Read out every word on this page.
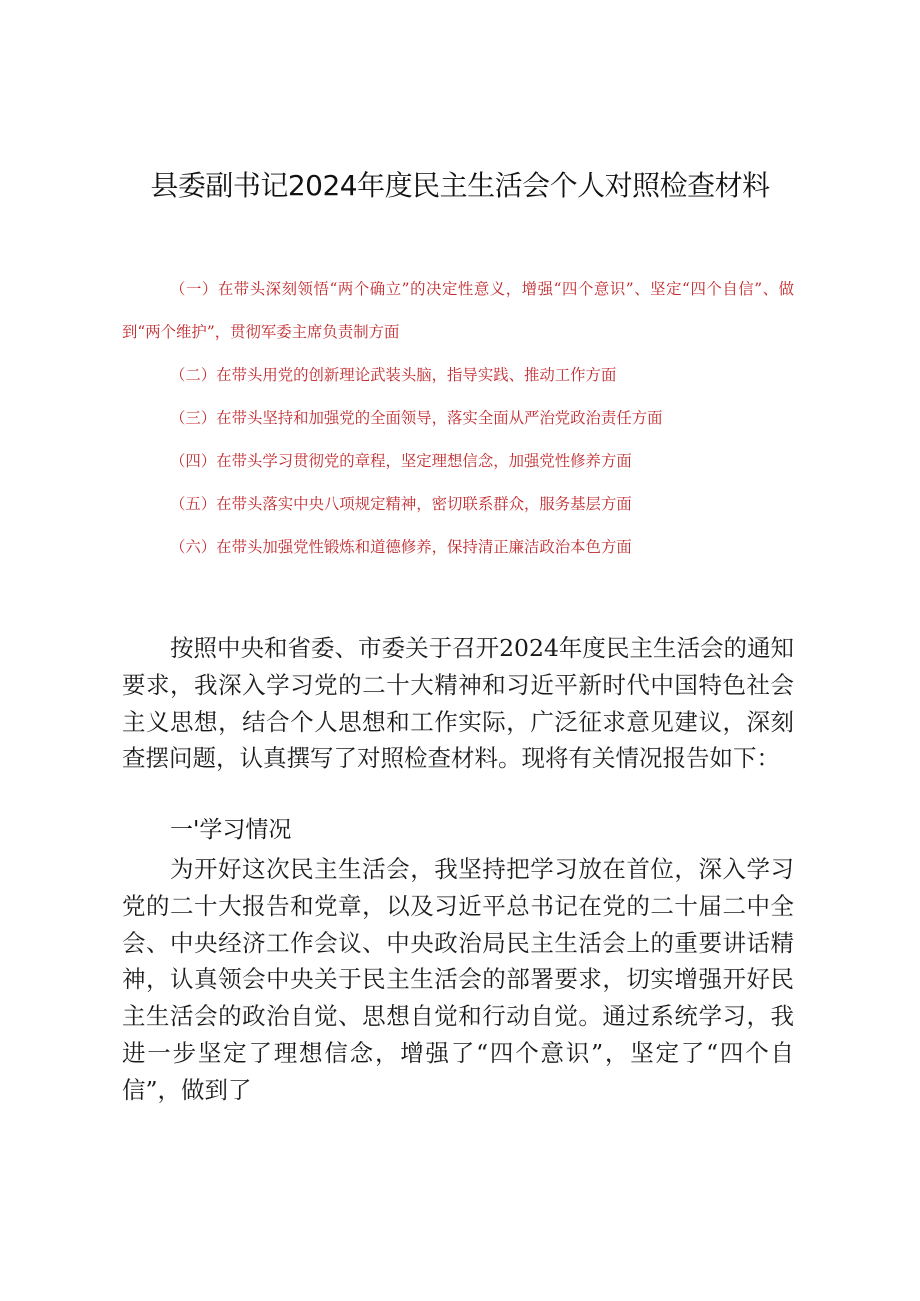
县委副书记2024年度民主生活会个人对照检查材料
（一）在带头深刻领悟“两个确立”的决定性意义，增强“四个意识”、坚定“四个自信”、做到“两个维护”，贯彻军委主席负责制方面
（二）在带头用党的创新理论武装头脑，指导实践、推动工作方面
（三）在带头坚持和加强党的全面领导，落实全面从严治党政治责任方面
（四）在带头学习贯彻党的章程，坚定理想信念，加强党性修养方面
（五）在带头落实中央八项规定精神，密切联系群众，服务基层方面
（六）在带头加强党性锻炼和道德修养，保持清正廉洁政治本色方面

按照中央和省委、市委关于召开2024年度民主生活会的通知要求，我深入学习党的二十大精神和习近平新时代中国特色社会主义思想，结合个人思想和工作实际，广泛征求意见建议，深刻查摆问题，认真撰写了对照检查材料。现将有关情况报告如下：

一'学习情况

为开好这次民主生活会，我坚持把学习放在首位，深入学习党的二十大报告和党章，以及习近平总书记在党的二十届二中全会、中央经济工作会议、中央政治局民主生活会上的重要讲话精神，认真领会中央关于民主生活会的部署要求，切实增强开好民主生活会的政治自觉、思想自觉和行动自觉。通过系统学习，我进一步坚定了理想信念，增强了“四个意识”，坚定了“四个自信”，做到了
